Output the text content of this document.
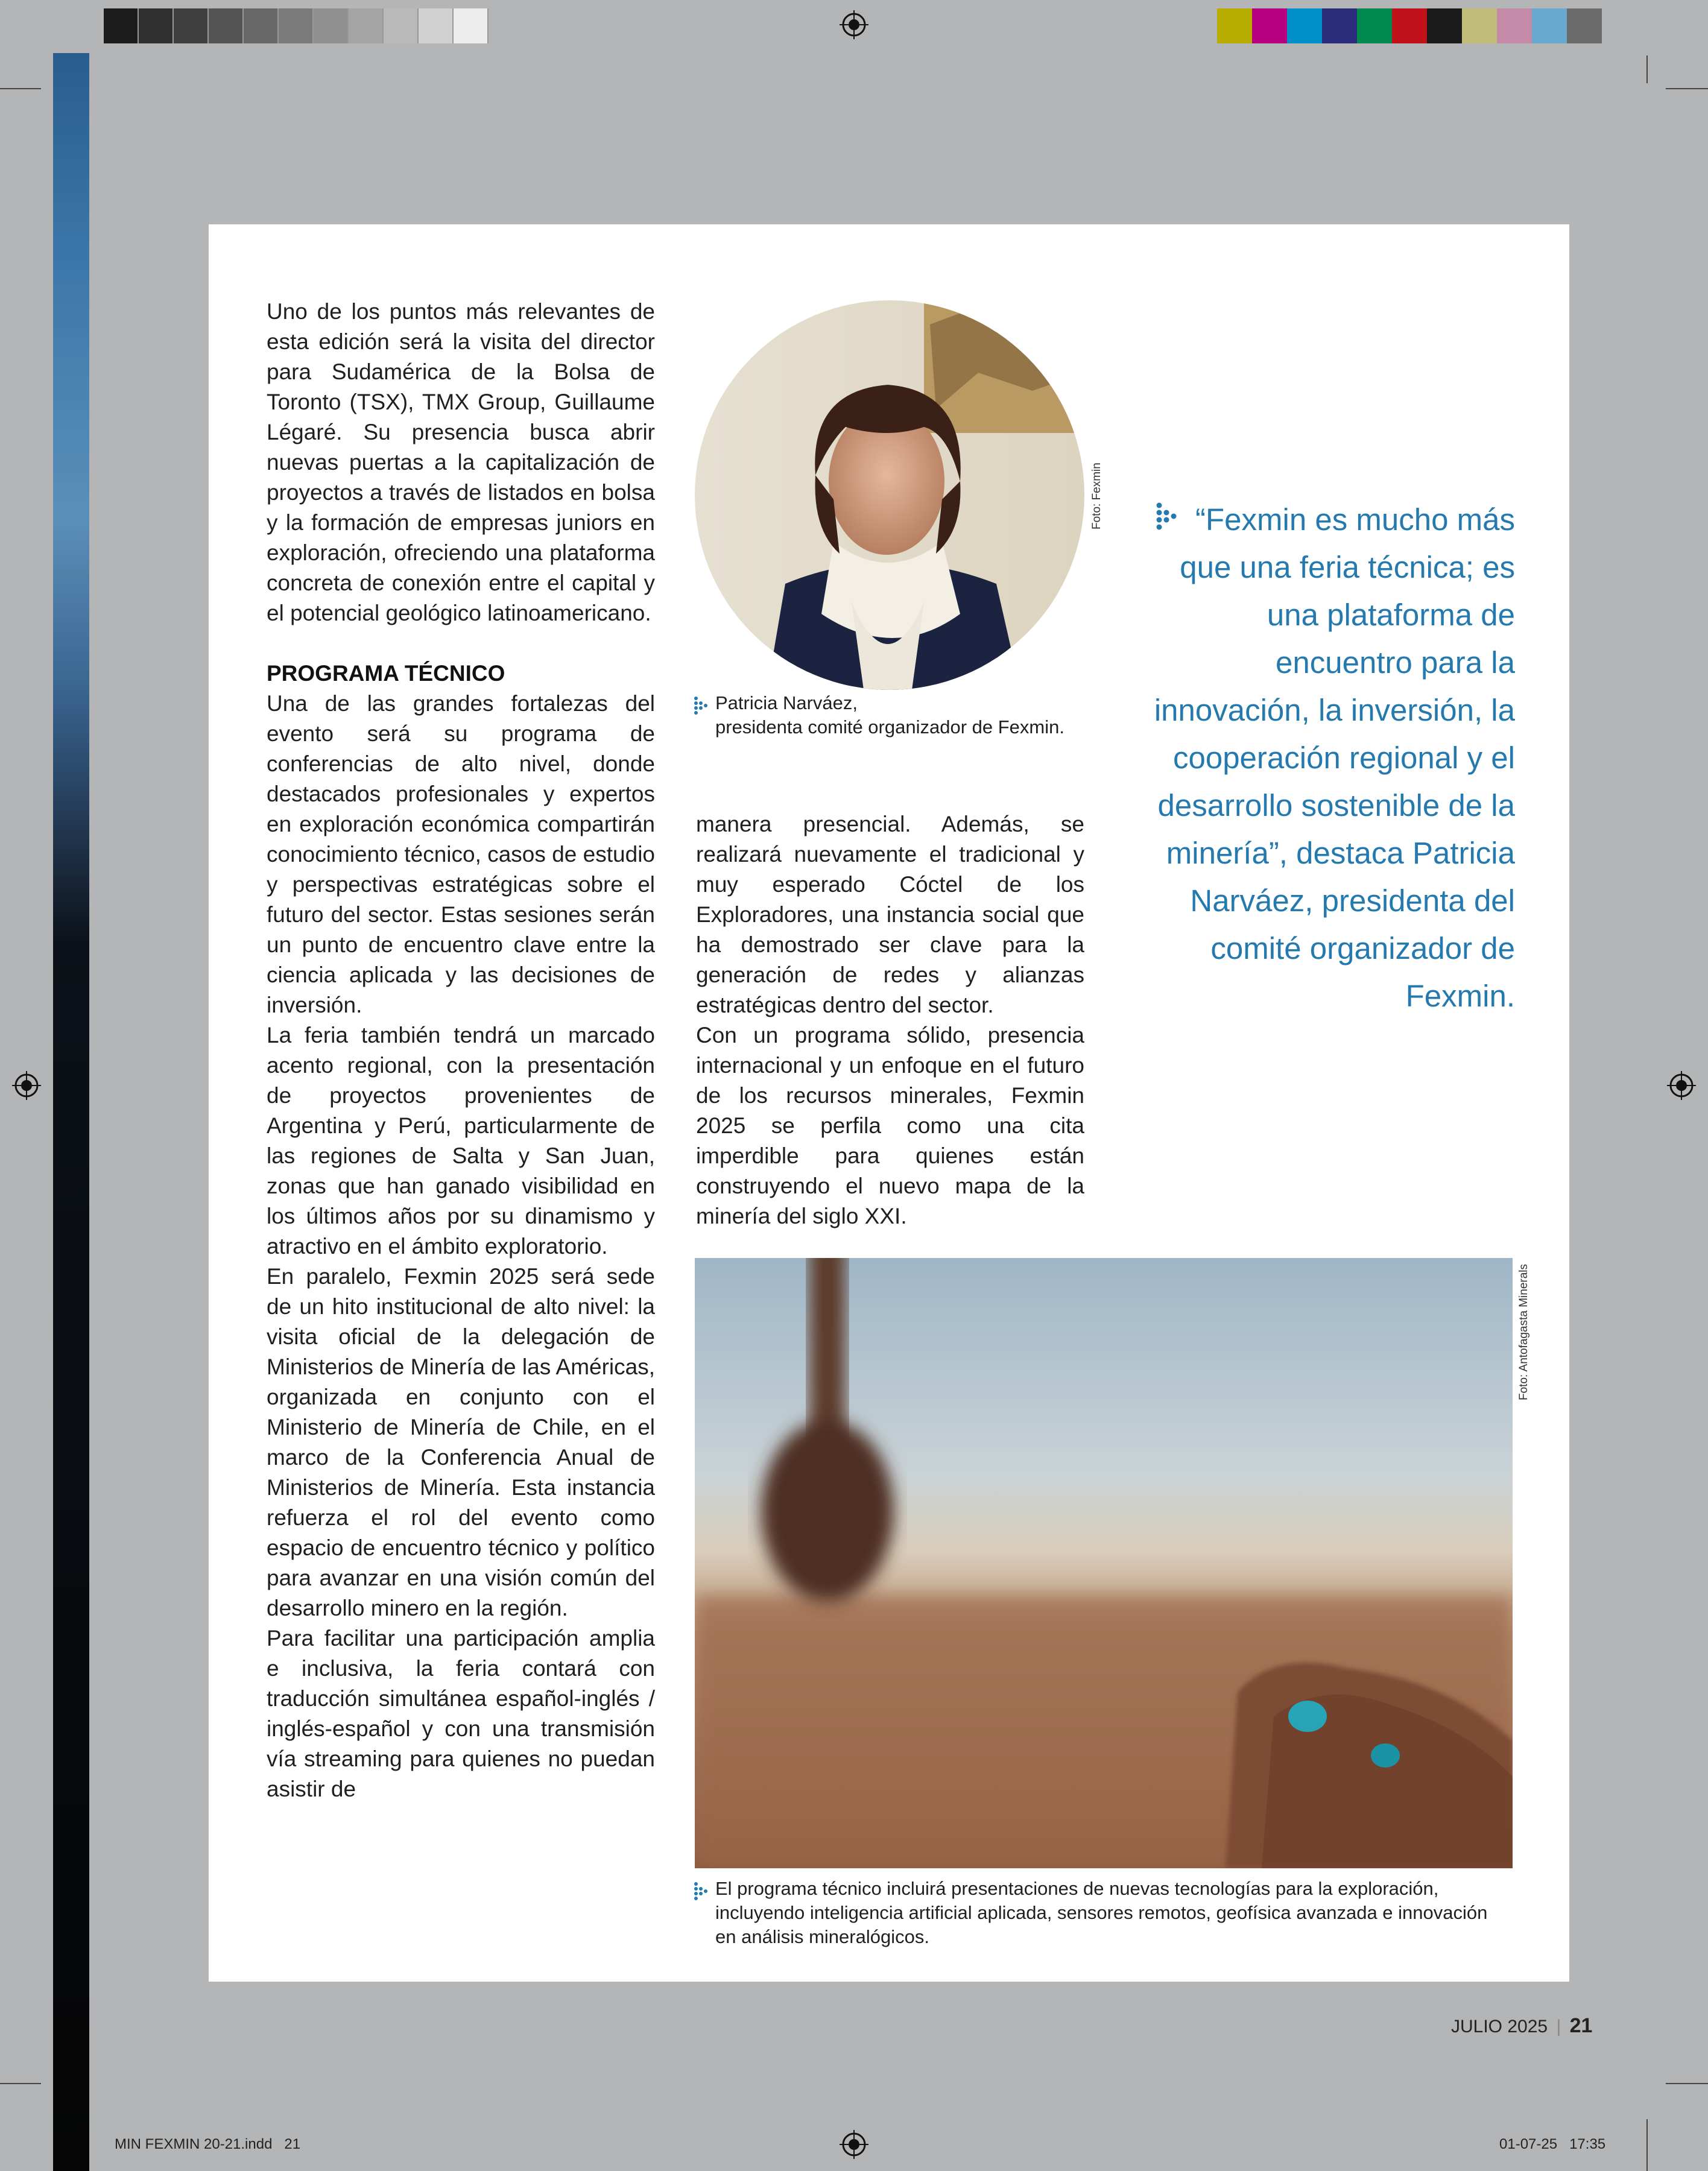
Uno de los puntos más relevantes de esta edición será la visita del director para Sudamérica de la Bolsa de Toronto (TSX), TMX Group, Guillaume Légaré. Su presencia busca abrir nuevas puertas a la capitalización de proyectos a través de listados en bolsa y la formación de empresas juniors en exploración, ofreciendo una plataforma concreta de conexión entre el capital y el potencial geológico latinoamericano.

PROGRAMA TÉCNICO

Una de las grandes fortalezas del evento será su programa de conferencias de alto nivel, donde destacados profesionales y expertos en exploración económica compartirán conocimiento técnico, casos de estudio y perspectivas estratégicas sobre el futuro del sector. Estas sesiones serán un punto de encuentro clave entre la ciencia aplicada y las decisiones de inversión.

La feria también tendrá un marcado acento regional, con la presentación de proyectos provenientes de Argentina y Perú, particularmente de las regiones de Salta y San Juan, zonas que han ganado visibilidad en los últimos años por su dinamismo y atractivo en el ámbito exploratorio.

En paralelo, Fexmin 2025 será sede de un hito institucional de alto nivel: la visita oficial de la delegación de Ministerios de Minería de las Américas, organizada en conjunto con el Ministerio de Minería de Chile, en el marco de la Conferencia Anual de Ministerios de Minería. Esta instancia refuerza el rol del evento como espacio de encuentro técnico y político para avanzar en una visión común del desarrollo minero en la región.

Para facilitar una participación amplia e inclusiva, la feria contará con traducción simultánea español-inglés / inglés-español y con una transmisión vía streaming para quienes no puedan asistir de

Foto: Fexmin
Patricia Narváez,
presidenta comité organizador de Fexmin.

manera presencial. Además, se realizará nuevamente el tradicional y muy esperado Cóctel de los Exploradores, una instancia social que ha demostrado ser clave para la generación de redes y alianzas estratégicas dentro del sector.

Con un programa sólido, presencia internacional y un enfoque en el futuro de los recursos minerales, Fexmin 2025 se perfila como una cita imperdible para quienes están construyendo el nuevo mapa de la minería del siglo XXI.

“Fexmin es mucho más que una feria técnica; es una plataforma de encuentro para la innovación, la inversión, la cooperación regional y el desarrollo sostenible de la minería”, destaca Patricia Narváez, presidenta del comité organizador de Fexmin.
Foto: Antofagasta Minerals
El programa técnico incluirá presentaciones de nuevas tecnologías para la exploración,
incluyendo inteligencia artificial aplicada, sensores remotos, geofísica avanzada e innovación
en análisis mineralógicos.
JULIO 2025 | 21
MIN FEXMIN 20-21.indd   21	01-07-25   17:35
